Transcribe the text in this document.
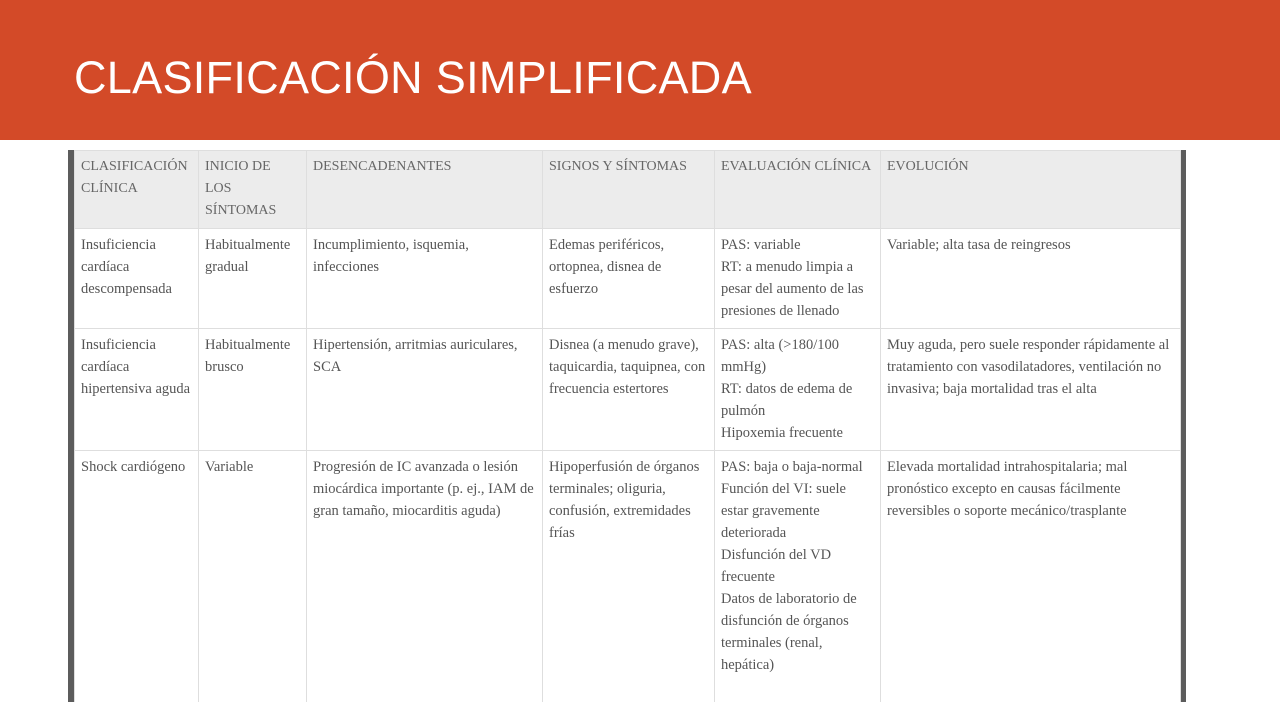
CLASIFICACIÓN SIMPLIFICADA
CLASIFICACIÓN CLÍNICA	INICIO DE LOS SÍNTOMAS	DESENCADENANTES	SIGNOS Y SÍNTOMAS	EVALUACIÓN CLÍNICA	EVOLUCIÓN
Insuficiencia cardíaca descompensada	Habitualmente gradual	Incumplimiento, isquemia, infecciones	Edemas periféricos, ortopnea, disnea de esfuerzo	PAS: variable
RT: a menudo limpia a pesar del aumento de las presiones de llenado	Variable; alta tasa de reingresos
Insuficiencia cardíaca hipertensiva aguda	Habitualmente brusco	Hipertensión, arritmias auriculares, SCA	Disnea (a menudo grave), taquicardia, taquipnea, con frecuencia estertores	PAS: alta (>180/100 mmHg)
RT: datos de edema de pulmón
Hipoxemia frecuente	Muy aguda, pero suele responder rápidamente al tratamiento con vasodilatadores, ventilación no invasiva; baja mortalidad tras el alta
Shock cardiógeno	Variable	Progresión de IC avanzada o lesión miocárdica importante (p. ej., IAM de gran tamaño, miocarditis aguda)	Hipoperfusión de órganos terminales; oliguria, confusión, extremidades frías	PAS: baja o baja-normal
Función del VI: suele estar gravemente deteriorada
Disfunción del VD frecuente
Datos de laboratorio de disfunción de órganos terminales (renal, hepática)	Elevada mortalidad intrahospitalaria; mal pronóstico excepto en causas fácilmente reversibles o soporte mecánico/trasplante
